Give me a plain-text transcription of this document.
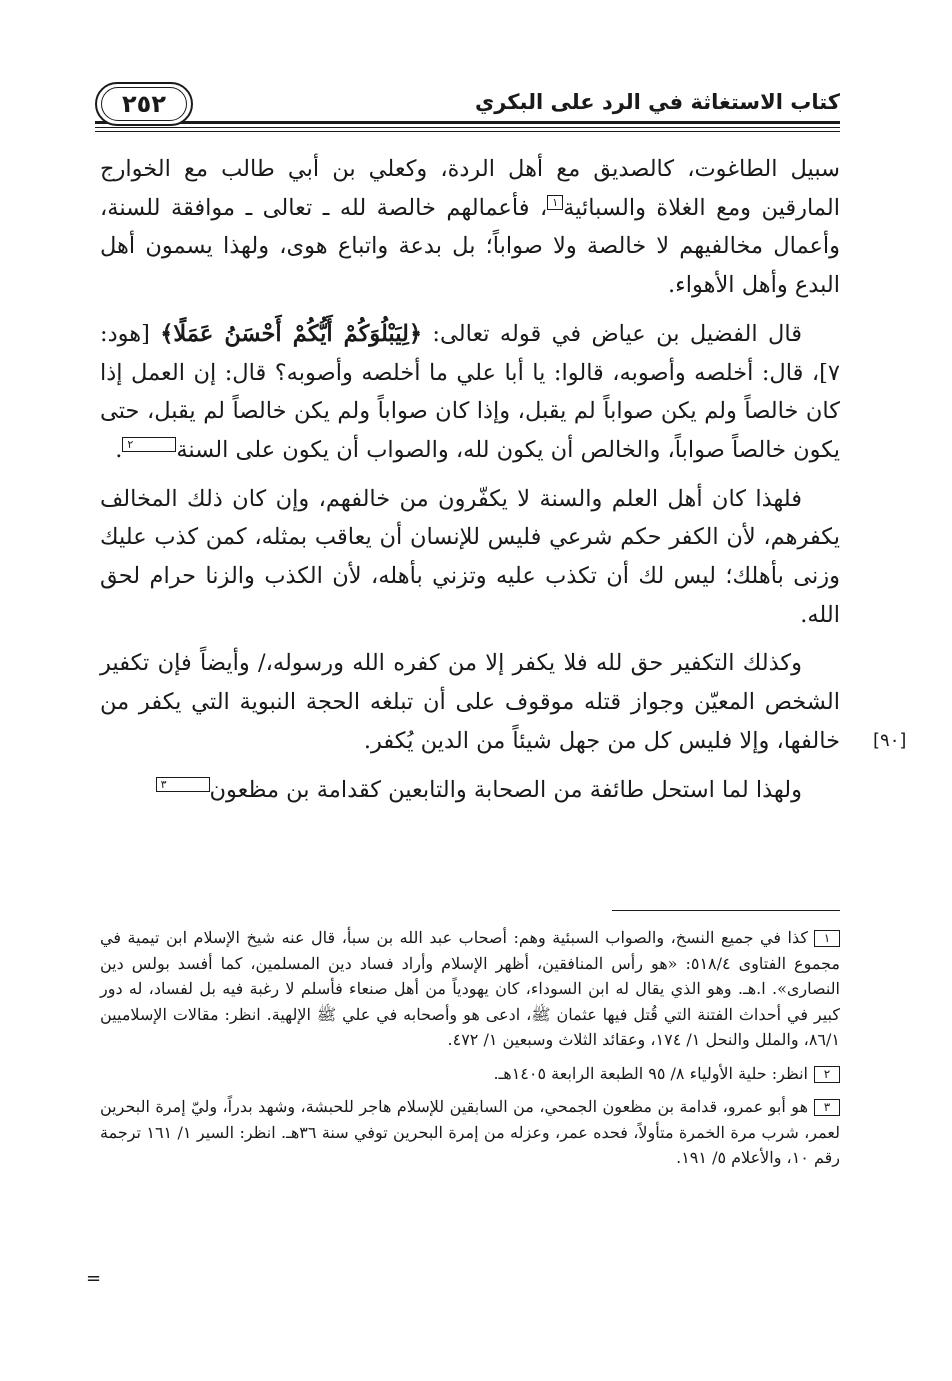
٢٥٢	كتاب الاستغاثة في الرد على البكري

سبيل الطاغوت، كالصديق مع أهل الردة، وكعلي بن أبي طالب مع الخوارج المارقين ومع الغلاة والسبائية١، فأعمالهم خالصة لله ـ تعالى ـ موافقة للسنة، وأعمال مخالفيهم لا خالصة ولا صواباً؛ بل بدعة واتباع هوى، ولهذا يسمون أهل البدع وأهل الأهواء.

قال الفضيل بن عياض في قوله تعالى: ﴿لِيَبْلُوَكُمْ أَيُّكُمْ أَحْسَنُ عَمَلًا﴾ [هود: ٧]، قال: أخلصه وأصوبه، قالوا: يا أبا علي ما أخلصه وأصوبه؟ قال: إن العمل إذا كان خالصاً ولم يكن صواباً لم يقبل، وإذا كان صواباً ولم يكن خالصاً لم يقبل، حتى يكون خالصاً صواباً، والخالص أن يكون لله، والصواب أن يكون على السنة٢.

فلهذا كان أهل العلم والسنة لا يكفّرون من خالفهم، وإن كان ذلك المخالف يكفرهم، لأن الكفر حكم شرعي فليس للإنسان أن يعاقب بمثله، كمن كذب عليك وزنى بأهلك؛ ليس لك أن تكذب عليه وتزني بأهله، لأن الكذب والزنا حرام لحق الله.

وكذلك التكفير حق لله فلا يكفر إلا من كفره الله ورسوله،/ وأيضاً فإن تكفير الشخص المعيّن وجواز قتله موقوف على أن تبلغه الحجة النبوية التي يكفر من خالفها، وإلا فليس كل من جهل شيئاً من الدين يُكفر.

ولهذا لما استحل طائفة من الصحابة والتابعين كقدامة بن مظعون٣

[٩٠]

١كذا في جميع النسخ، والصواب السبئية وهم: أصحاب عبد الله بن سبأ، قال عنه شيخ الإسلام ابن تيمية في مجموع الفتاوى ٥١٨/٤: «هو رأس المنافقين، أظهر الإسلام وأراد فساد دين المسلمين، كما أفسد بولس دين النصارى». ا.هـ. وهو الذي يقال له ابن السوداء، كان يهودياً من أهل صنعاء فأسلم لا رغبة فيه بل لفساد، له دور كبير في أحداث الفتنة التي قُتل فيها عثمان ﷺ، ادعى هو وأصحابه في علي ﷺ الإلهية. انظر: مقالات الإسلاميين ٨٦/١، والملل والنحل ١/ ١٧٤، وعقائد الثلاث وسبعين ١/ ٤٧٢.

٢انظر: حلية الأولياء ٨/ ٩٥ الطبعة الرابعة ١٤٠٥هـ.

٣هو أبو عمرو، قدامة بن مظعون الجمحي، من السابقين للإسلام هاجر للحبشة، وشهد بدراً، وليّ إمرة البحرين لعمر، شرب مرة الخمرة متأولاً، فحده عمر، وعزله من إمرة البحرين توفي سنة ٣٦هـ. انظر: السير ١/ ١٦١ ترجمة رقم ١٠، والأعلام ٥/ ١٩١.

=
